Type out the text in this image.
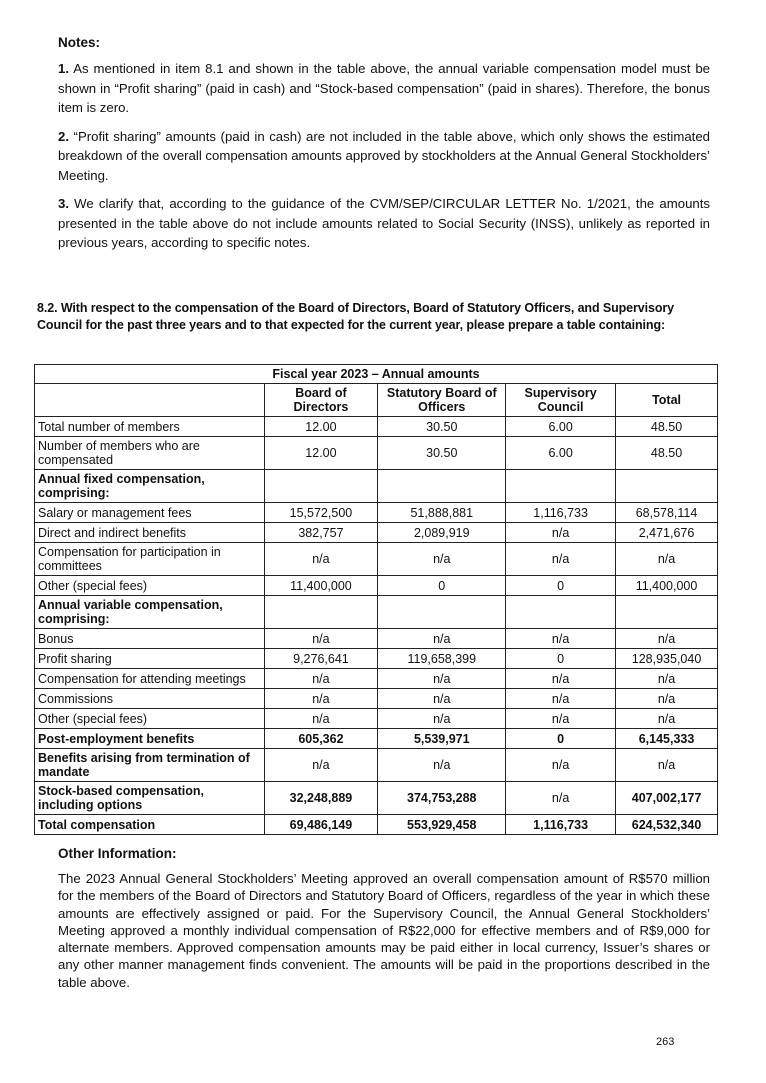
Notes:

1. As mentioned in item 8.1 and shown in the table above, the annual variable compensation model must be shown in “Profit sharing” (paid in cash) and “Stock-based compensation” (paid in shares). Therefore, the bonus item is zero.

2. “Profit sharing” amounts (paid in cash) are not included in the table above, which only shows the estimated breakdown of the overall compensation amounts approved by stockholders at the Annual General Stockholders’ Meeting.

3. We clarify that, according to the guidance of the CVM/SEP/CIRCULAR LETTER No. 1/2021, the amounts presented in the table above do not include amounts related to Social Security (INSS), unlikely as reported in previous years, according to specific notes.

8.2. With respect to the compensation of the Board of Directors, Board of Statutory Officers, and Supervisory Council for the past three years and to that expected for the current year, please prepare a table containing:
Fiscal year 2023 – Annual amounts				
	Board of Directors	Statutory Board of Officers	Supervisory Council	Total
Total number of members	12.00	30.50	6.00	48.50
Number of members who are compensated	12.00	30.50	6.00	48.50
Annual fixed compensation, comprising:				
Salary or management fees	15,572,500	51,888,881	1,116,733	68,578,114
Direct and indirect benefits	382,757	2,089,919	n/a	2,471,676
Compensation for participation in committees	n/a	n/a	n/a	n/a
Other (special fees)	11,400,000	0	0	11,400,000
Annual variable compensation, comprising:				
Bonus	n/a	n/a	n/a	n/a
Profit sharing	9,276,641	119,658,399	0	128,935,040
Compensation for attending meetings	n/a	n/a	n/a	n/a
Commissions	n/a	n/a	n/a	n/a
Other (special fees)	n/a	n/a	n/a	n/a
Post-employment benefits	605,362	5,539,971	0	6,145,333
Benefits arising from termination of mandate	n/a	n/a	n/a	n/a
Stock-based compensation, including options	32,248,889	374,753,288	n/a	407,002,177
Total compensation	69,486,149	553,929,458	1,116,733	624,532,340
Other Information:

The 2023 Annual General Stockholders’ Meeting approved an overall compensation amount of R$570 million for the members of the Board of Directors and Statutory Board of Officers, regardless of the year in which these amounts are effectively assigned or paid. For the Supervisory Council, the Annual General Stockholders’ Meeting approved a monthly individual compensation of R$22,000 for effective members and of R$9,000 for alternate members. Approved compensation amounts may be paid either in local currency, Issuer’s shares or any other manner management finds convenient. The amounts will be paid in the proportions described in the table above.

263
